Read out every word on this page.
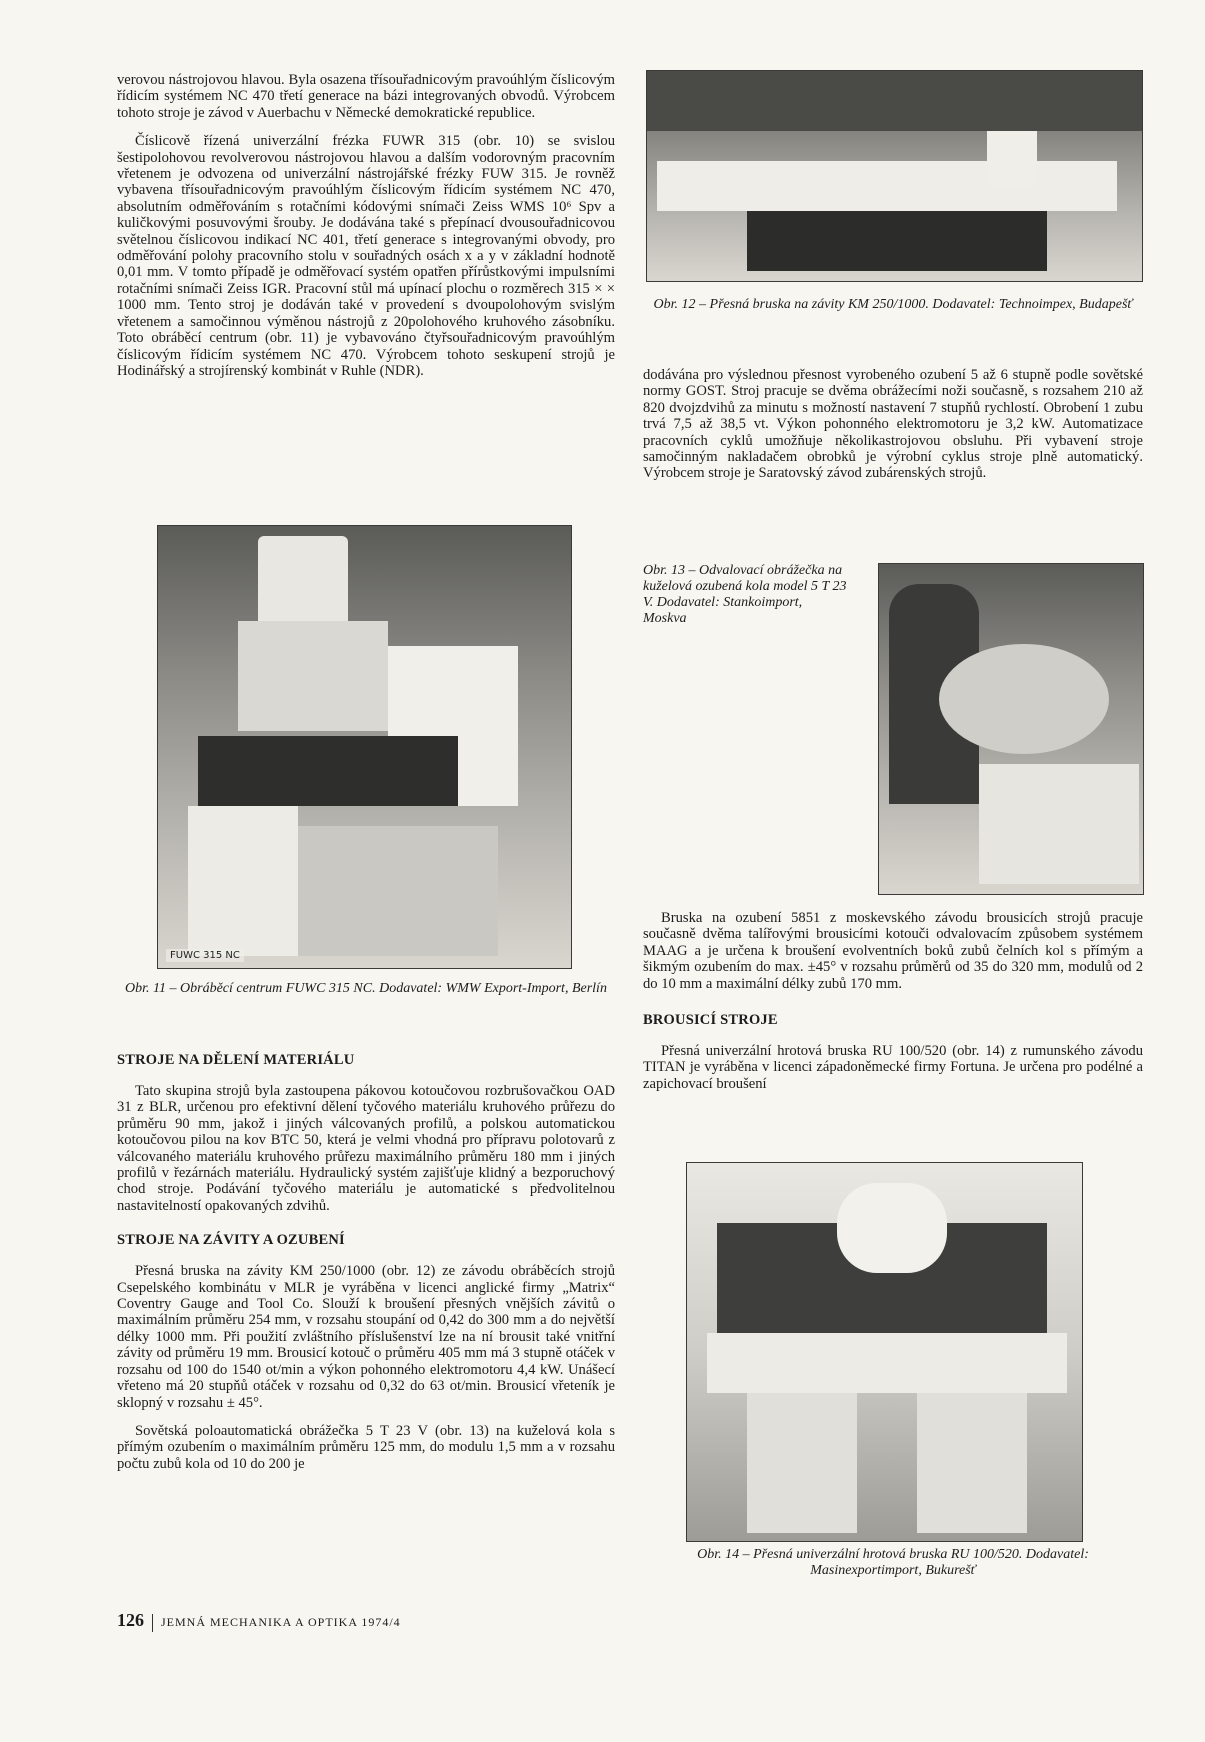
verovou nástrojovou hlavou. Byla osazena třísouřadnicovým pravoúhlým číslicovým řídicím systémem NC 470 třetí generace na bázi integrovaných obvodů. Výrobcem tohoto stroje je závod v Auerbachu v Německé demokratické republice.

Číslicově řízená univerzální frézka FUWR 315 (obr. 10) se svislou šestipolohovou revolverovou nástrojovou hlavou a dalším vodorovným pracovním vřetenem je odvozena od univerzální nástrojářské frézky FUW 315. Je rovněž vybavena třísouřadnicovým pravoúhlým číslicovým řídicím systémem NC 470, absolutním odměřováním s rotačními kódovými snímači Zeiss WMS 10⁶ Spv a kuličkovými posuvovými šrouby. Je dodávána také s přepínací dvousouřadnicovou světelnou číslicovou indikací NC 401, třetí generace s integrovanými obvody, pro odměřování polohy pracovního stolu v souřadných osách x a y v základní hodnotě 0,01 mm. V tomto případě je odměřovací systém opatřen přírůstkovými impulsními rotačními snímači Zeiss IGR. Pracovní stůl má upínací plochu o rozměrech 315 × × 1000 mm. Tento stroj je dodáván také v provedení s dvoupolohovým svislým vřetenem a samočinnou výměnou nástrojů z 20polohového kruhového zásobníku. Toto obráběcí centrum (obr. 11) je vybavováno čtyřsouřadnicovým pravoúhlým číslicovým řídicím systémem NC 470. Výrobcem tohoto seskupení strojů je Hodinářský a strojírenský kombinát v Ruhle (NDR).

FUWC 315 NC
Obr. 11 – Obráběcí centrum FUWC 315 NC. Dodavatel: WMW Export-Import, Berlín
STROJE NA DĚLENÍ MATERIÁLU

Tato skupina strojů byla zastoupena pákovou kotoučovou rozbrušovačkou OAD 31 z BLR, určenou pro efektivní dělení tyčového materiálu kruhového průřezu do průměru 90 mm, jakož i jiných válcovaných profilů, a polskou automatickou kotoučovou pilou na kov BTC 50, která je velmi vhodná pro přípravu polotovarů z válcovaného materiálu kruhového průřezu maximálního průměru 180 mm i jiných profilů v řezárnách materiálu. Hydraulický systém zajišťuje klidný a bezporuchový chod stroje. Podávání tyčového materiálu je automatické s předvolitelnou nastavitelností opakovaných zdvihů.

STROJE NA ZÁVITY A OZUBENÍ

Přesná bruska na závity KM 250/1000 (obr. 12) ze závodu obráběcích strojů Csepelského kombinátu v MLR je vyráběna v licenci anglické firmy „Matrix“ Coventry Gauge and Tool Co. Slouží k broušení přesných vnějších závitů o maximálním průměru 254 mm, v rozsahu stoupání od 0,42 do 300 mm a do největší délky 1000 mm. Při použití zvláštního příslušenství lze na ní brousit také vnitřní závity od průměru 19 mm. Brousicí kotouč o průměru 405 mm má 3 stupně otáček v rozsahu od 100 do 1540 ot/min a výkon pohonného elektromotoru 4,4 kW. Unášecí vřeteno má 20 stupňů otáček v rozsahu od 0,32 do 63 ot/min. Brousicí vřeteník je sklopný v rozsahu ± 45°.

Sovětská poloautomatická obrážečka 5 T 23 V (obr. 13) na kuželová kola s přímým ozubením o maximálním průměru 125 mm, do modulu 1,5 mm a v rozsahu počtu zubů kola od 10 do 200 je

Obr. 12 – Přesná bruska na závity KM 250/1000. Dodavatel: Technoimpex, Budapešť

dodávána pro výslednou přesnost vyrobeného ozubení 5 až 6 stupně podle sovětské normy GOST. Stroj pracuje se dvěma obrážecími noži současně, s rozsahem 210 až 820 dvojzdvihů za minutu s možností nastavení 7 stupňů rychlostí. Obrobení 1 zubu trvá 7,5 až 38,5 vt. Výkon pohonného elektromotoru je 3,2 kW. Automatizace pracovních cyklů umožňuje několikastrojovou obsluhu. Při vybavení stroje samočinným nakladačem obrobků je výrobní cyklus stroje plně automatický. Výrobcem stroje je Saratovský závod zubárenských strojů.

Obr. 13 – Odvalovací obrážečka na kuželová ozubená kola model 5 T 23 V. Dodavatel: Stankoimport, Moskva

Bruska na ozubení 5851 z moskevského závodu brousicích strojů pracuje současně dvěma talířovými brousicími kotouči odvalovacím způsobem systémem MAAG a je určena k broušení evolventních boků zubů čelních kol s přímým a šikmým ozubením do max. ±45° v rozsahu průměrů od 35 do 320 mm, modulů od 2 do 10 mm a maximální délky zubů 170 mm.

BROUSICÍ STROJE

Přesná univerzální hrotová bruska RU 100/520 (obr. 14) z rumunského závodu TITAN je vyráběna v licenci západoněmecké firmy Fortuna. Je určena pro podélné a zapichovací broušení

Obr. 14 – Přesná univerzální hrotová bruska RU 100/520. Dodavatel: Masinexportimport, Bukurešť
126 JEMNÁ MECHANIKA A OPTIKA 1974/4
